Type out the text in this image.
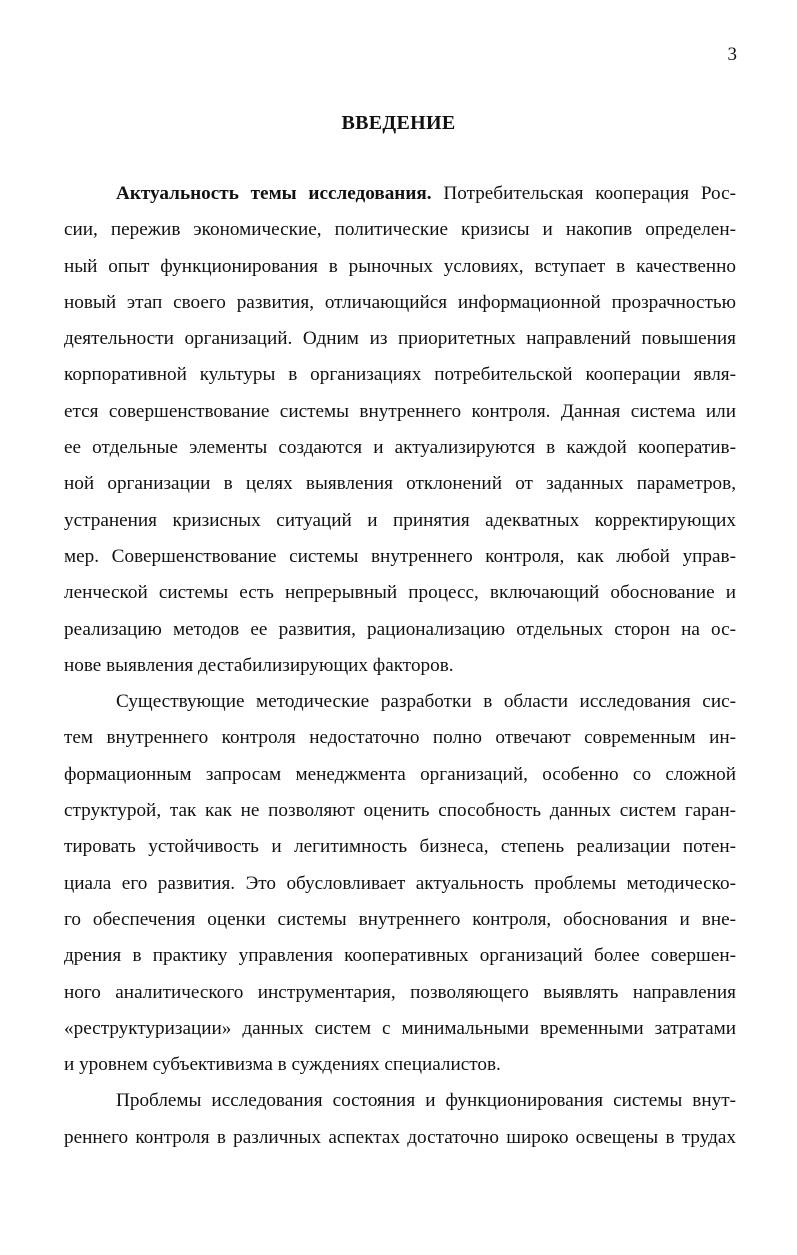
3
ВВЕДЕНИЕ
Актуальность темы исследования. Потребительская кооперация Рос-
сии, пережив экономические, политические кризисы и накопив определен-
ный опыт функционирования в рыночных условиях, вступает в качественно
новый этап своего развития, отличающийся информационной прозрачностью
деятельности организаций. Одним из приоритетных направлений повышения
корпоративной культуры в организациях потребительской кооперации явля-
ется совершенствование системы внутреннего контроля. Данная система или
ее отдельные элементы создаются и актуализируются в каждой кооператив-
ной организации в целях выявления отклонений от заданных параметров,
устранения кризисных ситуаций и принятия адекватных корректирующих
мер. Совершенствование системы внутреннего контроля, как любой управ-
ленческой системы есть непрерывный процесс, включающий обоснование и
реализацию методов ее развития, рационализацию отдельных сторон на ос-
нове выявления дестабилизирующих факторов.
Существующие методические разработки в области исследования сис-
тем внутреннего контроля недостаточно полно отвечают современным ин-
формационным запросам менеджмента организаций, особенно со сложной
структурой, так как не позволяют оценить способность данных систем гаран-
тировать устойчивость и легитимность бизнеса, степень реализации потен-
циала его развития. Это обусловливает актуальность проблемы методическо-
го обеспечения оценки системы внутреннего контроля, обоснования и вне-
дрения в практику управления кооперативных организаций более совершен-
ного аналитического инструментария, позволяющего выявлять направления
«реструктуризации» данных систем с минимальными временными затратами
и уровнем субъективизма в суждениях специалистов.
Проблемы исследования состояния и функционирования системы внут-
реннего контроля в различных аспектах достаточно широко освещены в трудах
